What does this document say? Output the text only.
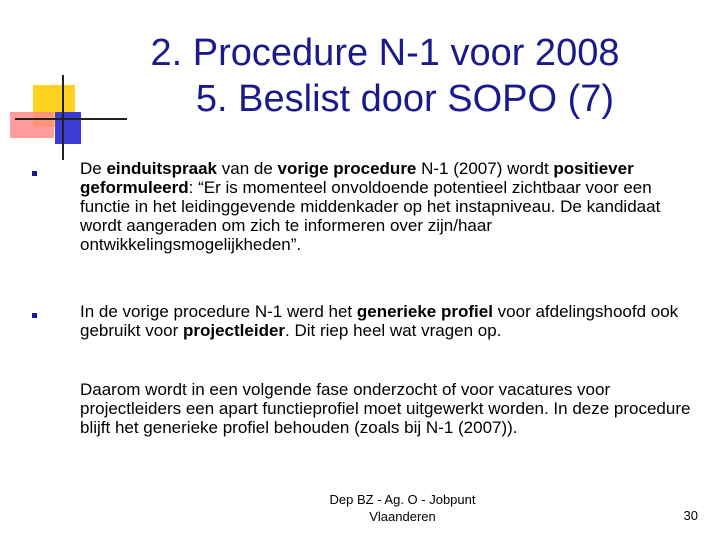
2. Procedure N-1 voor 2008
5. Beslist door SOPO (7)
De einduitspraak van de vorige procedure N-1 (2007) wordt positiever geformuleerd: “Er is momenteel onvoldoende potentieel zichtbaar voor een functie in het leidinggevende middenkader op het instapniveau. De kandidaat wordt aangeraden om zich te informeren over zijn/haar ontwikkelingsmogelijkheden”.
In de vorige procedure N-1 werd het generieke profiel voor afdelingshoofd ook gebruikt voor projectleider. Dit riep heel wat vragen op.
Daarom wordt in een volgende fase onderzocht of voor vacatures voor projectleiders een apart functieprofiel moet uitgewerkt worden. In deze procedure blijft het generieke profiel behouden (zoals bij N-1 (2007)).
Dep BZ - Ag. O - Jobpunt
Vlaanderen	30
